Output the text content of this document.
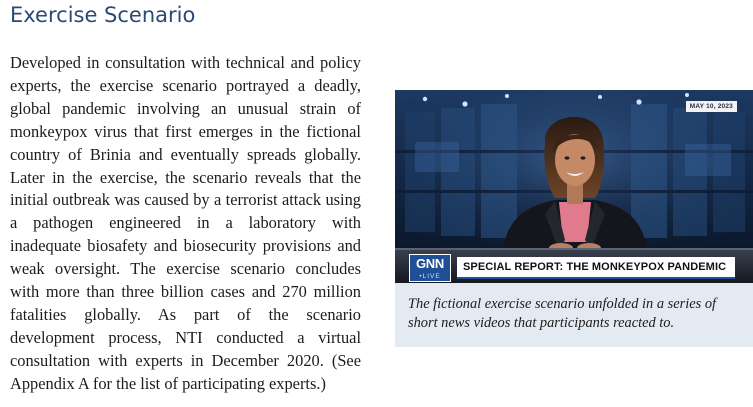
Exercise Scenario

Developed in consultation with technical and policy experts, the exercise scenario portrayed a deadly, global pandemic involving an unusual strain of monkeypox virus that first emerges in the fictional country of Brinia and eventually spreads globally. Later in the exercise, the scenario reveals that the initial outbreak was caused by a terrorist attack using a pathogen engineered in a laboratory with inadequate biosafety and biosecurity provisions and weak oversight. The exercise scenario concludes with more than three billion cases and 270 million fatalities globally. As part of the scenario development process, NTI conducted a virtual consultation with experts in December 2020. (See Appendix A for the list of participating experts.)

MAY 10, 2023
GNN
•LIVE
SPECIAL REPORT: THE MONKEYPOX PANDEMIC

The fictional exercise scenario unfolded in a series of short news videos that participants reacted to.
